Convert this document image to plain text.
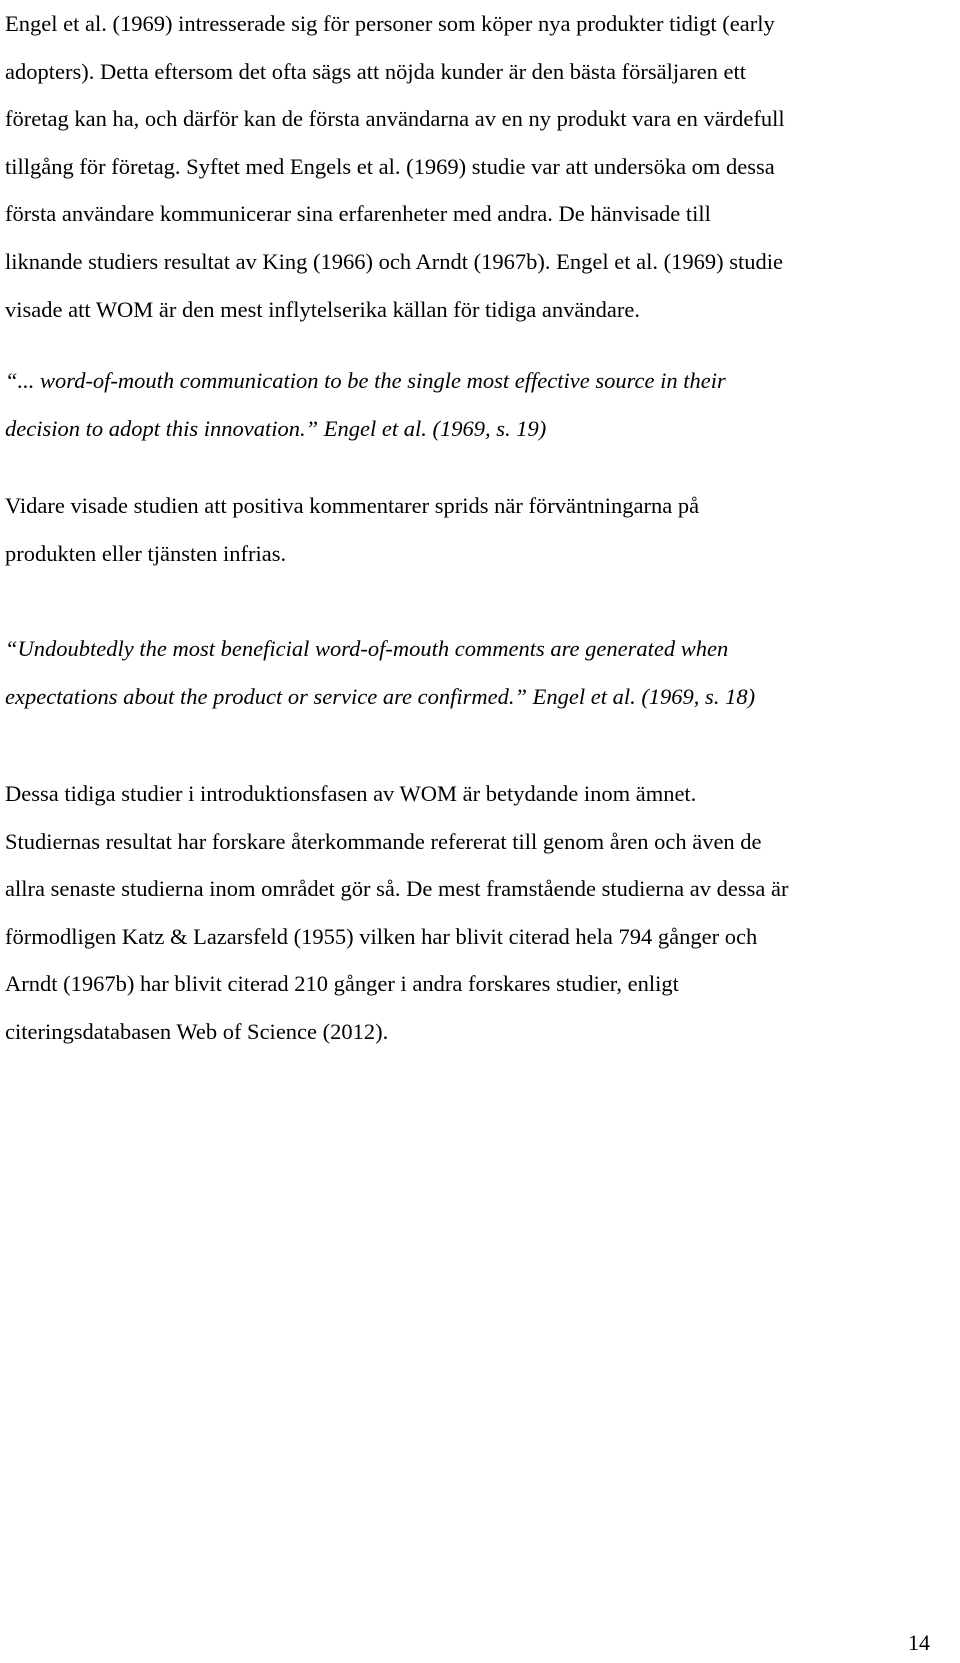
Engel et al. (1969) intresserade sig för personer som köper nya produkter tidigt (early
adopters). Detta eftersom det ofta sägs att nöjda kunder är den bästa försäljaren ett
företag kan ha, och därför kan de första användarna av en ny produkt vara en värdefull
tillgång för företag. Syftet med Engels et al. (1969) studie var att undersöka om dessa
första användare kommunicerar sina erfarenheter med andra. De hänvisade till
liknande studiers resultat av King (1966) och Arndt (1967b). Engel et al. (1969) studie
visade att WOM är den mest inflytelserika källan för tidiga användare.
“... word-of-mouth communication to be the single most effective source in their
decision to adopt this innovation.” Engel et al. (1969, s. 19)
Vidare visade studien att positiva kommentarer sprids när förväntningarna på
produkten eller tjänsten infrias.
“Undoubtedly the most beneficial word-of-mouth comments are generated when
expectations about the product or service are confirmed.” Engel et al. (1969, s. 18)
Dessa tidiga studier i introduktionsfasen av WOM är betydande inom ämnet.
Studiernas resultat har forskare återkommande refererat till genom åren och även de
allra senaste studierna inom området gör så. De mest framstående studierna av dessa är
förmodligen Katz & Lazarsfeld (1955) vilken har blivit citerad hela 794 gånger och
Arndt (1967b) har blivit citerad 210 gånger i andra forskares studier, enligt
citeringsdatabasen Web of Science (2012).
14
